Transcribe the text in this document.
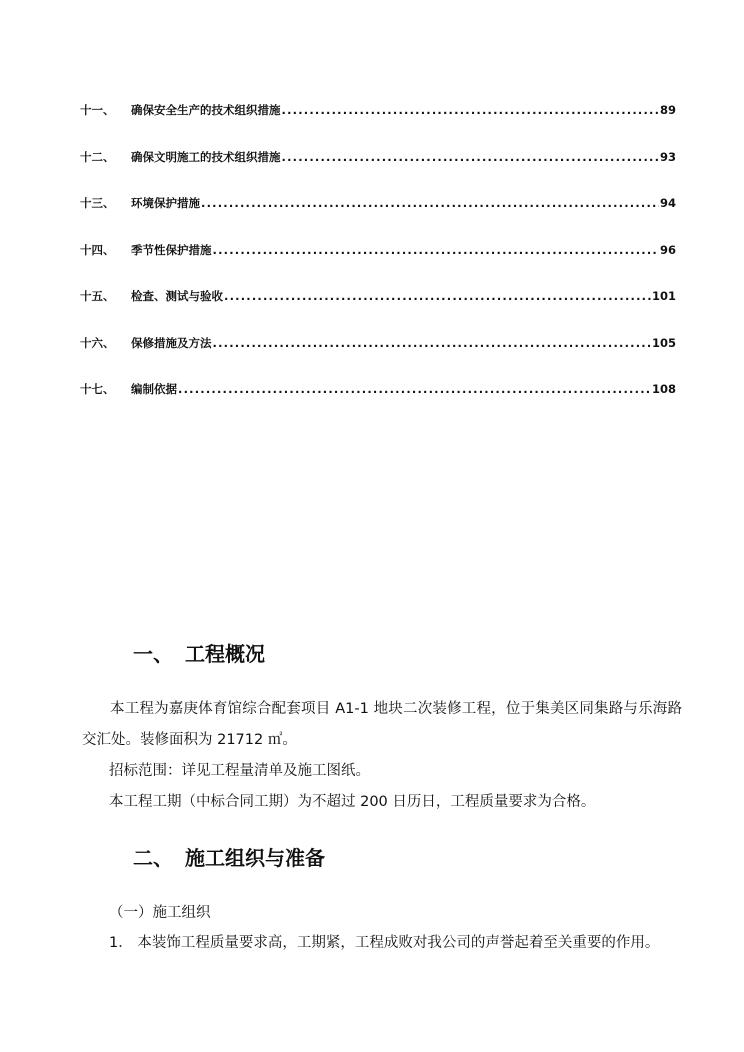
十一、	确保安全生产的技术组织措施 .....	89
十二、	确保文明施工的技术组织措施 .....	93
十三、	环境保护措施 .....	94
十四、	季节性保护措施 .....	96
十五、	检查、测试与验收 .....	101
十六、	保修措施及方法 .....	105
十七、	编制依据 .....	108
一、 工程概况
本工程为嘉庚体育馆综合配套项目 A1-1 地块二次装修工程，位于集美区同集路与乐海路交汇处。装修面积为 21712 ㎡。
招标范围：详见工程量清单及施工图纸。
本工程工期（中标合同工期）为不超过 200 日历日，工程质量要求为合格。
二、 施工组织与准备
（一）施工组织
1． 本装饰工程质量要求高，工期紧，工程成败对我公司的声誉起着至关重要的作用。
